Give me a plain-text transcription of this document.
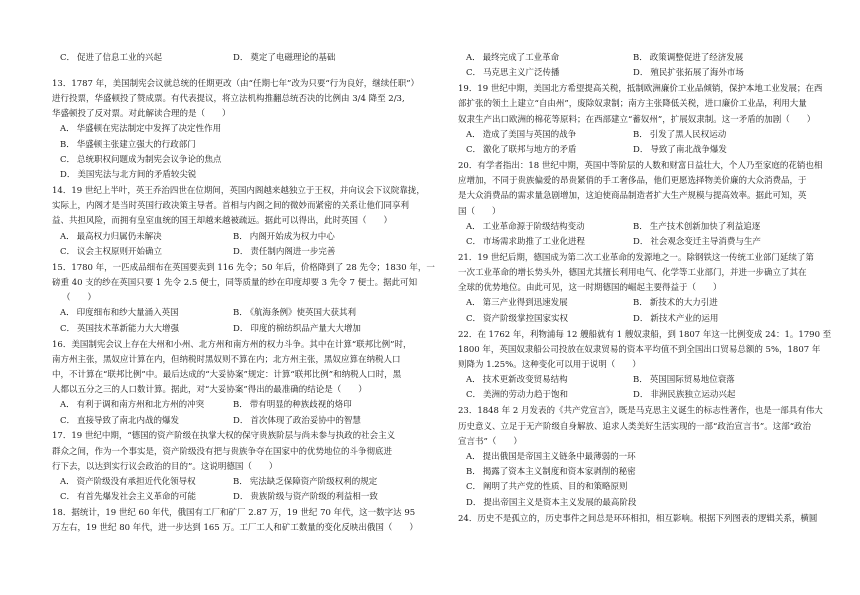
C． 促进了信息工业的兴起	D． 奠定了电磁理论的基础
13．1787 年，美国制宪会议就总统的任期更改（由“任期七年”改为只要“行为良好，继续任职”）
进行投票，华盛顿投了赞成票。有代表提议，将立法机构推翻总统否决的比例由 3/4 降至 2/3,
华盛顿投了反对票。对此解读合理的是（　　）
A． 华盛顿在宪法制定中发挥了决定性作用
B． 华盛顿主张建立强大的行政部门
C． 总统职权问题成为制宪会议争论的焦点
D． 美国宪法与北方间的矛盾较尖锐
14．19 世纪上半叶，英王乔治四世在位期间，英国内阁越来越独立于王权，并向议会下议院靠拢，
实际上，内阁才是当时英国行政决策主导者。首相与内阁之间的微妙而紧密的关系让他们同享利
益、共担风险，而拥有皇室血统的国王却越来越被疏远。据此可以得出，此时英国（　　）
A． 最高权力归属仍未解决	B． 内阁开始成为权力中心
C． 议会主权原则开始确立	D． 责任制内阁进一步完善
15．1780 年，一匹成品细布在英国要卖到 116 先令；50 年后，价格降到了 28 先令；1830 年，一
磅重 40 支的纱在英国只要 1 先令 2.5 便士，同等质量的纱在印度却要 3 先令 7 便士。据此可知
（　　）
A． 印度细布和纱大量涌入英国	B． 《航海条例》使英国大获其利
C． 英国技术革新能力大大增强	D． 印度的棉纺织品产量大大增加
16．美国制宪会议上存在大州和小州、北方州和南方州的权力斗争。其中在计算“联邦比例”时，
南方州主张，黑奴应计算在内，但纳税时黑奴则不算在内；北方州主张，黑奴应算在纳税人口
中，不计算在“联邦比例”中。最后达成的“大妥协案”规定：计算“联邦比例”和纳税人口时，黑
人都以五分之三的人口数计算。据此，对“大妥协案”得出的最准确的结论是（　　）
A． 有利于调和南方州和北方州的冲突	B． 带有明显的种族歧视的烙印
C． 直接导致了南北内战的爆发	D． 首次体现了政治妥协中的智慧
17．19 世纪中期，“德国的资产阶级在执掌大权的保守贵族阶层与尚未参与执政的社会主义
群众之间，作为一个事实是，资产阶级没有把与贵族争夺在国家中的优势地位的斗争彻底进
行下去，以达到实行议会政治的目的”。这说明德国（　　）
A． 资产阶级没有承担近代化领导权	B． 宪法缺乏保障资产阶级权利的规定
C． 有首先爆发社会主义革命的可能	D． 贵族阶级与资产阶级的利益相一致
18．据统计，19 世纪 60 年代，俄国有工厂和矿厂 2.87 万，19 世纪 70 年代，这一数字达 95
万左右，19 世纪 80 年代，进一步达到 165 万。工厂工人和矿工数量的变化反映出俄国（　　）
A． 最终完成了工业革命	B． 政策调整促进了经济发展
C． 马克思主义广泛传播	D． 殖民扩张拓展了海外市场
19．19 世纪中期，美国北方希望提高关税，抵制欧洲廉价工业品倾销，保护本地工业发展；在西
部扩张的领土上建立“自由州”，废除奴隶制；南方主张降低关税，进口廉价工业品，利用大量
奴隶生产出口欧洲的棉花等原料；在西部建立“蓄奴州”，扩展奴隶制。这一矛盾的加剧（　　）
A． 造成了美国与英国的战争	B． 引发了黑人民权运动
C． 激化了联邦与地方的矛盾	D． 导致了南北战争爆发
20．有学者指出：18 世纪中期，英国中等阶层的人数和财富日益壮大，个人乃至家庭的花销也相
应增加，不同于贵族偏爱的昂贵紧俏的手工奢侈品，他们更愿选择物美价廉的大众消费品，于
是大众消费品的需求量急剧增加，这迫使商品制造者扩大生产规模与提高效率。据此可知，英
国（　　）
A． 工业革命源于阶级结构变动	B． 生产技术创新加快了利益追逐
C． 市场需求助推了工业化进程	D． 社会观念变迁主导消费与生产
21．19 世纪后期，德国成为第二次工业革命的发源地之一。除钢铁这一传统工业部门延续了第
一次工业革命的增长势头外，德国尤其擅长利用电气、化学等工业部门，并进一步确立了其在
全球的优势地位。由此可见，这一时期德国的崛起主要得益于（　　）
A． 第三产业得到迅速发展	B． 新技术的大力引进
C． 资产阶级掌控国家实权	D． 新技术产业的运用
22．在 1762 年，利物浦每 12 艘船就有 1 艘奴隶船，到 1807 年这一比例变成 24：1。1790 至
1800 年，英国奴隶船公司投放在奴隶贸易的资本平均值不到全国出口贸易总额的 5%，1807 年
则降为 1.25%。这种变化可以用于说明（　　）
A． 技术更新改变贸易结构	B． 英国国际贸易地位衰落
C． 美洲的劳动力趋于饱和	D． 非洲民族独立运动兴起
23．1848 年 2 月发表的《共产党宣言》，既是马克思主义诞生的标志性著作，也是一部具有伟大
历史意义、立足于无产阶级自身解放、追求人类美好生活实现的一部“政治宣言书”。这部“政治
宣言书”（　　）
A． 提出俄国是帝国主义链条中最薄弱的一环
B． 揭露了资本主义制度和资本家剥削的秘密
C． 阐明了共产党的性质、目的和策略原则
D． 提出帝国主义是资本主义发展的最高阶段
24．历史不是孤立的，历史事件之间总是环环相扣，相互影响。根据下列图表的逻辑关系，横圆
